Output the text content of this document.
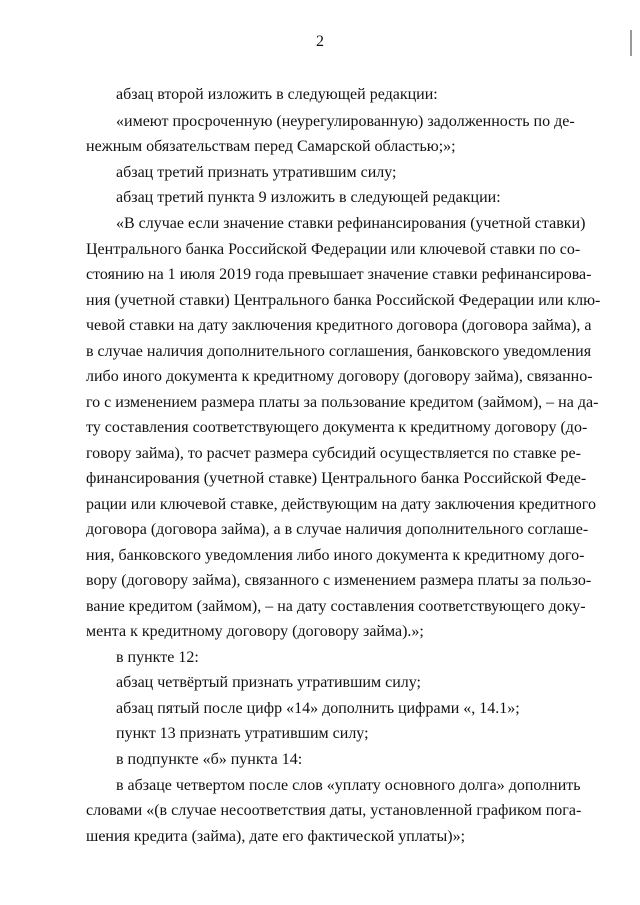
2
абзац второй изложить в следующей редакции:
«имеют просроченную (неурегулированную) задолженность по де-
нежным обязательствам перед Самарской областью;»;
абзац третий признать утратившим силу;
абзац третий пункта 9 изложить в следующей редакции:
«В случае если значение ставки рефинансирования (учетной ставки)
Центрального банка Российской Федерации или ключевой ставки по со-
стоянию на 1 июля 2019 года превышает значение ставки рефинансирова-
ния (учетной ставки) Центрального банка Российской Федерации или клю-
чевой ставки на дату заключения кредитного договора (договора займа), а
в случае наличия дополнительного соглашения, банковского уведомления
либо иного документа к кредитному договору (договору займа), связанно-
го с изменением размера платы за пользование кредитом (займом), – на да-
ту составления соответствующего документа к кредитному договору (до-
говору займа), то расчет размера субсидий осуществляется по ставке ре-
финансирования (учетной ставке) Центрального банка Российской Феде-
рации или ключевой ставке, действующим на дату заключения кредитного
договора (договора займа), а в случае наличия дополнительного соглаше-
ния, банковского уведомления либо иного документа к кредитному дого-
вору (договору займа), связанного с изменением размера платы за пользо-
вание кредитом (займом), – на дату составления соответствующего доку-
мента к кредитному договору (договору займа).»;
в пункте 12:
абзац четвёртый признать утратившим силу;
абзац пятый после цифр «14» дополнить цифрами «, 14.1»;
пункт 13 признать утратившим силу;
в подпункте «б» пункта 14:
в абзаце четвертом после слов «уплату основного долга» дополнить
словами «(в случае несоответствия даты, установленной графиком пога-
шения кредита (займа), дате его фактической уплаты)»;
